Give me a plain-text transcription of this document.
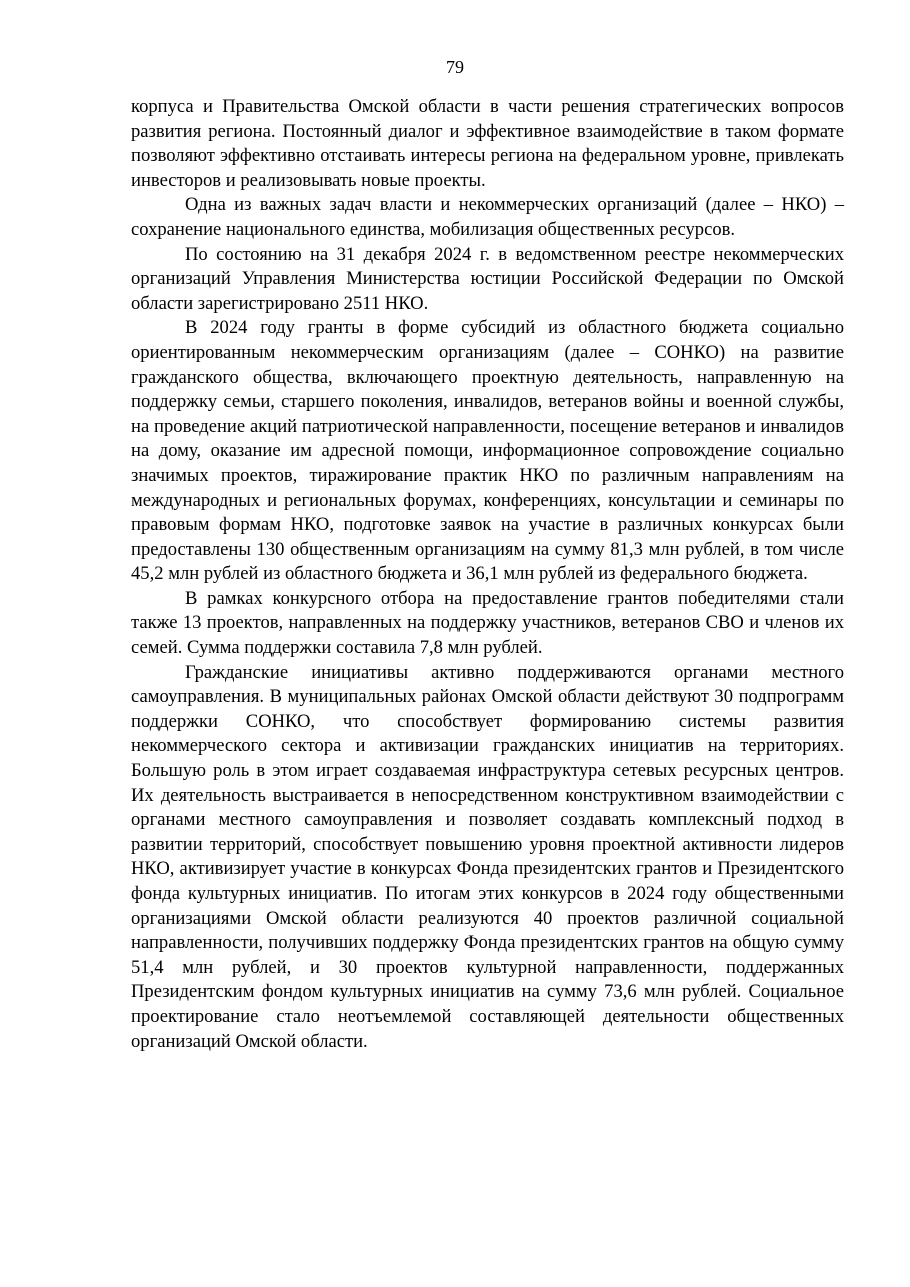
79

корпуса и Правительства Омской области в части решения стратегических вопросов развития региона. Постоянный диалог и эффективное взаимодействие в таком формате позволяют эффективно отстаивать интересы региона на федеральном уровне, привлекать инвесторов и реализовывать новые проекты.

Одна из важных задач власти и некоммерческих организаций (далее – НКО) – сохранение национального единства, мобилизация общественных ресурсов.

По состоянию на 31 декабря 2024 г. в ведомственном реестре некоммерческих организаций Управления Министерства юстиции Российской Федерации по Омской области зарегистрировано 2511 НКО.

В 2024 году гранты в форме субсидий из областного бюджета социально ориентированным некоммерческим организациям (далее – СОНКО) на развитие гражданского общества, включающего проектную деятельность, направленную на поддержку семьи, старшего поколения, инвалидов, ветеранов войны и военной службы, на проведение акций патриотической направленности, посещение ветеранов и инвалидов на дому, оказание им адресной помощи, информационное сопровождение социально значимых проектов, тиражирование практик НКО по различным направлениям на международных и региональных форумах, конференциях, консультации и семинары по правовым формам НКО, подготовке заявок на участие в различных конкурсах были предоставлены 130 общественным организациям на сумму 81,3 млн рублей, в том числе 45,2 млн рублей из областного бюджета и 36,1 млн рублей из федерального бюджета.

В рамках конкурсного отбора на предоставление грантов победителями стали также 13 проектов, направленных на поддержку участников, ветеранов СВО и членов их семей. Сумма поддержки составила 7,8 млн рублей.

Гражданские инициативы активно поддерживаются органами местного самоуправления. В муниципальных районах Омской области действуют 30 подпрограмм поддержки СОНКО, что способствует формированию системы развития некоммерческого сектора и активизации гражданских инициатив на территориях. Большую роль в этом играет создаваемая инфраструктура сетевых ресурсных центров. Их деятельность выстраивается в непосредственном конструктивном взаимодействии с органами местного самоуправления и позволяет создавать комплексный подход в развитии территорий, способствует повышению уровня проектной активности лидеров НКО, активизирует участие в конкурсах Фонда президентских грантов и Президентского фонда культурных инициатив. По итогам этих конкурсов в 2024 году общественными организациями Омской области реализуются 40 проектов различной социальной направленности, получивших поддержку Фонда президентских грантов на общую сумму 51,4 млн рублей, и 30 проектов культурной направленности, поддержанных Президентским фондом культурных инициатив на сумму 73,6 млн рублей. Социальное проектирование стало неотъемлемой составляющей деятельности общественных организаций Омской области.
